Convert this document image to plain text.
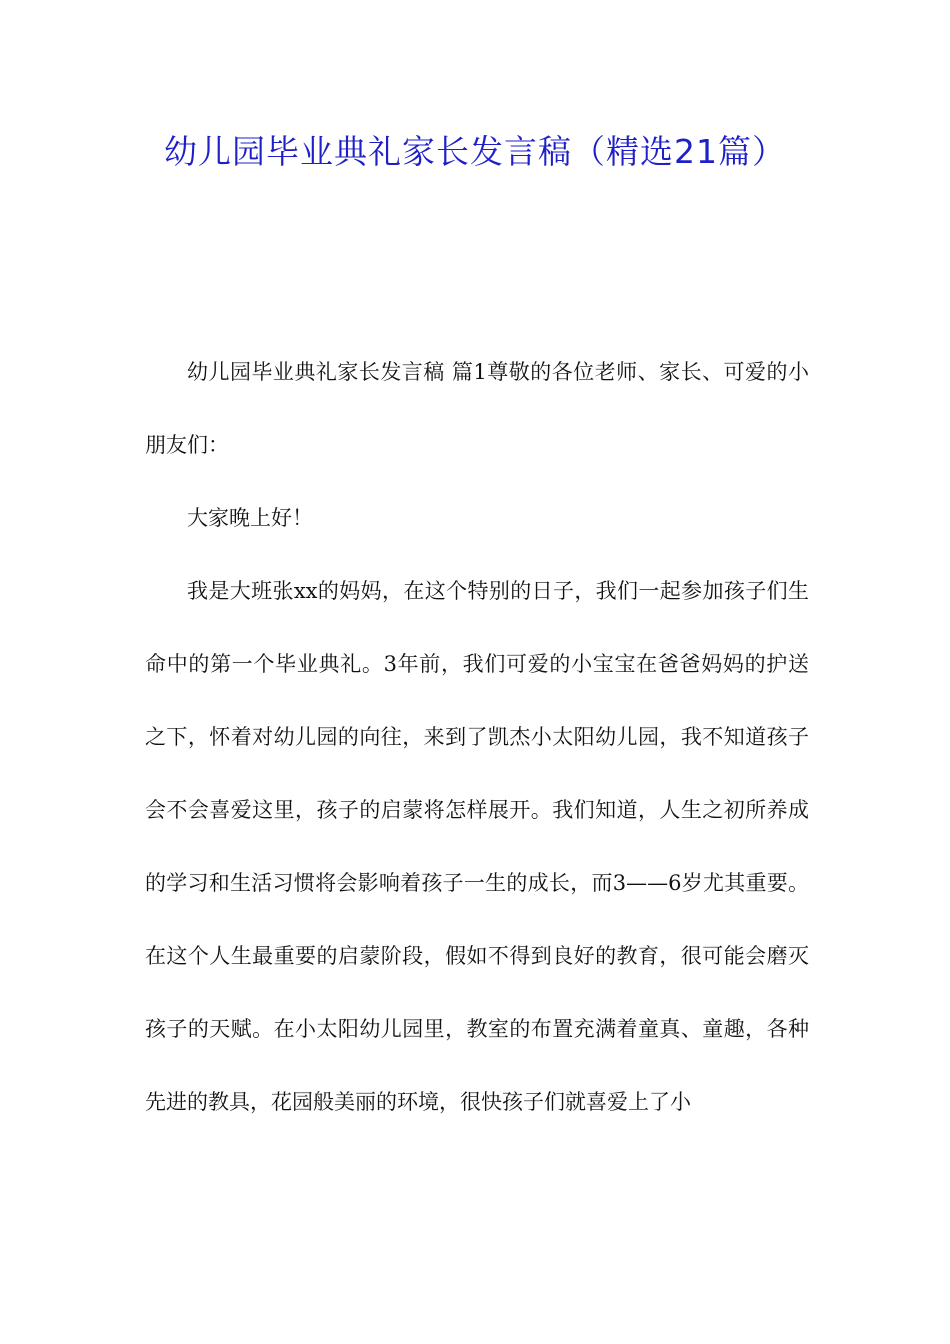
幼儿园毕业典礼家长发言稿（精选21篇）

幼儿园毕业典礼家长发言稿 篇1尊敬的各位老师、家长、可爱的小朋友们：

大家晚上好！

我是大班张xx的妈妈，在这个特别的日子，我们一起参加孩子们生命中的第一个毕业典礼。3年前，我们可爱的小宝宝在爸爸妈妈的护送之下，怀着对幼儿园的向往，来到了凯杰小太阳幼儿园，我不知道孩子会不会喜爱这里，孩子的启蒙将怎样展开。我们知道，人生之初所养成的学习和生活习惯将会影响着孩子一生的成长，而3——6岁尤其重要。在这个人生最重要的启蒙阶段，假如不得到良好的教育，很可能会磨灭孩子的天赋。在小太阳幼儿园里，教室的布置充满着童真、童趣，各种先进的教具，花园般美丽的环境，很快孩子们就喜爱上了小
